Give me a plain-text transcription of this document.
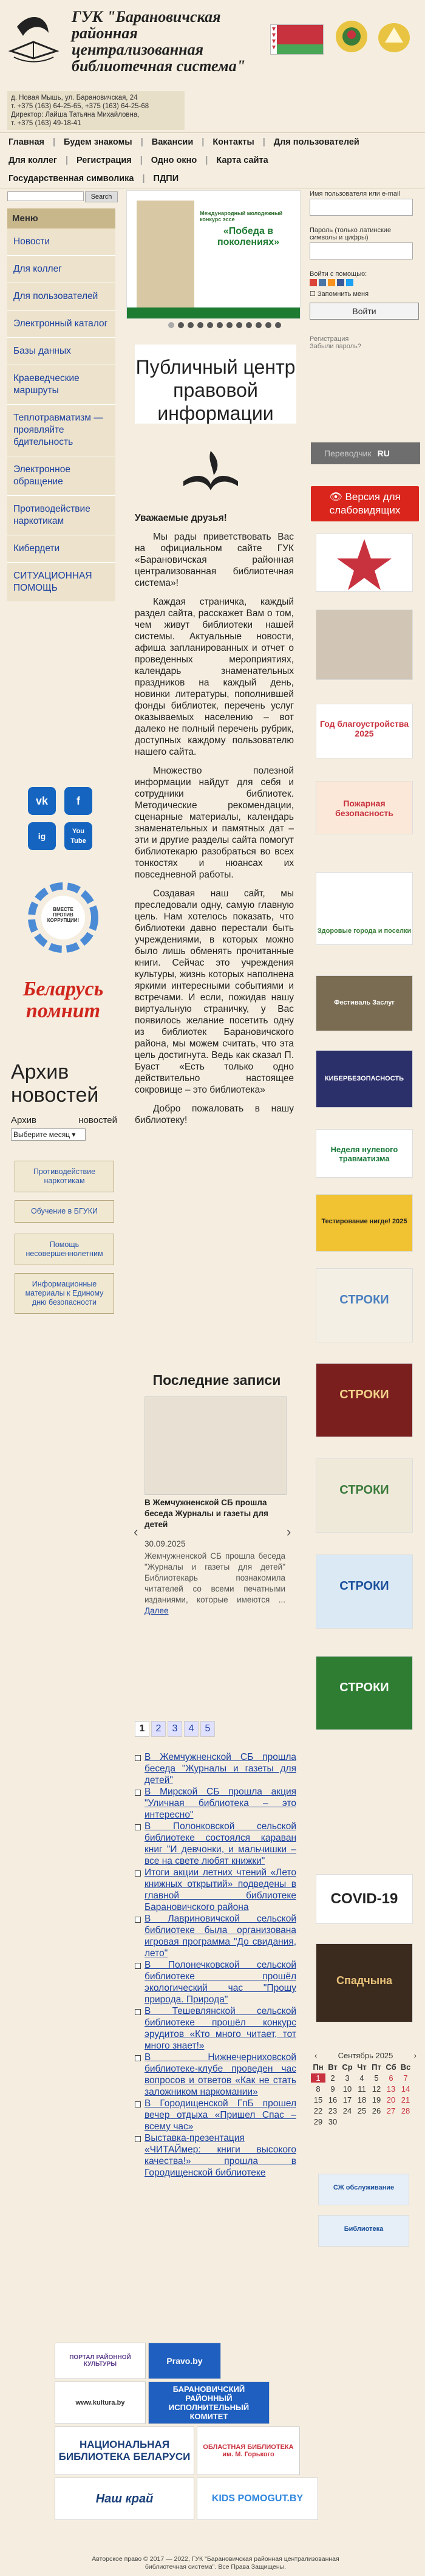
ГУК "Барановичская районная централизованная библиотечная система"
д. Новая Мышь, ул. Барановичская, 24
т. +375 (163) 64-25-65, +375 (163) 64-25-68
Директор: Лайша Татьяна Михайловна,
т. +375 (163) 49-18-41
Главная | Будем знакомы | Вакансии | Контакты | Для пользователей
Для коллег | Регистрация | Одно окно | Карта сайта
Государственная символика | ПДПИ
Search
Меню
Новости
Для коллег
Для пользователей
Электронный каталог
Базы данных
Краеведческие маршруты
Теплотравматизм — проявляйте бдительность
Электронное обращение
Противодействие наркотикам
Кибердети
СИТУАЦИОННАЯ ПОМОЩЬ
vk	f
ig	You Tube
ВМЕСТЕ ПРОТИВ КОРРУПЦИИ!
Беларусь помнит
Архив новостей
Архив	новостей
Выберите месяц ▾
Противодействие наркотикам
Обучение в БГУКИ
Помощь несовершеннолетним
Информационные материалы к Единому дню безопасности
Международный молодежный конкурс эссе
«Победа в поколениях»
Публичный центр правовой информации
Уважаемые друзья!

Мы рады приветствовать Вас на официальном сайте ГУК «Барановичская районная централизованная библиотечная система»!

Каждая страничка, каждый раздел сайта, расскажет Вам о том, чем живут библиотеки нашей системы. Актуальные новости, афиша запланированных и отчет о проведенных мероприятиях, календарь знаменательных праздников на каждый день, новинки литературы, пополнившей фонды библиотек, перечень услуг оказываемых населению – вот далеко не полный перечень рубрик, доступных каждому пользователю нашего сайта.

Множество полезной информации найдут для себя и сотрудники библиотек. Методические рекомендации, сценарные материалы, календарь знаменательных и памятных дат – эти и другие разделы сайта помогут библиотекарю разобраться во всех тонкостях и нюансах их повседневной работы.

Создавая наш сайт, мы преследовали одну, самую главную цель. Нам хотелось показать, что библиотеки давно перестали быть учреждениями, в которых можно было лишь обменять прочитанные книги. Сейчас это учреждения культуры, жизнь которых наполнена яркими интересными событиями и встречами. И если, пожидав нашу виртуальную страничку, у Вас появилось желание посетить одну из библиотек Барановичского района, мы можем считать, что эта цель достигнута. Ведь как сказал П. Буаст «Есть только одно действительно настоящее сокровище – это библиотека»

Добро пожаловать в нашу библиотеку!

Последние записи
В Жемчужненской СБ прошла беседа Журналы и газеты для детей
30.09.2025
Жемчужненской СБ прошла беседа "Журналы и газеты для детей" Библиотекарь познакомила читателей со всеми печатными изданиями, которые имеются ... Далее
‹	›
1	2	3	4	5
В Жемчужненской СБ прошла беседа "Журналы и газеты для детей"
В Мирской СБ прошла акция "Уличная библиотека – это интересно"
В Полонковской сельской библиотеке состоялся караван книг "И девчонки, и мальчишки – все на свете любят книжки"
Итоги акции летних чтений «Лето книжных открытий» подведены в главной библиотеке Барановичского района
В Лавриновичской сельской библиотеке была организована игровая программа "До свидания, лето"
В Полонечковской сельской библиотеке прошёл экологический час "Прошу природа. Природа"
В Тешевлянской сельской библиотеке прошёл конкурс эрудитов «Кто много читает, тот много знает!»
В Нижнечерниховской библиотеке-клубе проведен час вопросов и ответов «Как не стать заложником наркомании»
В Городищенской ГпБ прошел вечер отдыха «Пришел Спас – всему час»
Выставка-презентация «ЧИТАЙмер: книги высокого качества!» прошла в Городищенской библиотеке
Имя пользователя или e-mail
Пароль (только латинские символы и цифры)
Войти с помощью:
☐ Запомнить меня
Войти
Регистрация
Забыли пароль?
Переводчик RU
👁 Версия для слабовидящих
Год благоустройства 2025
Пожарная безопасность
Здоровые города и поселки
Фестиваль Заслуг
КИБЕРБЕЗОПАСНОСТЬ
Неделя нулевого травматизма
Тестирование нигде! 2025
СТРОКИ
СТРОКИ
СТРОКИ
СТРОКИ
СТРОКИ
COVID-19
Спадчына
‹	Сентябрь 2025	›
Пн Вт Ср Чт Пт Сб Вс
1	2	3	4	5	6	7
8	9	10 11 12 13 14
15 16 17 18 19 20 21
22 23 24 25 26 27 28
29 30
СЖ обслуживание
Библиотека
ПОРТАЛ РАЙОННОЙ КУЛЬТУРЫ	Pravo.by
www.kultura.by
БАРАНОВИЧСКИЙ РАЙОННЫЙ ИСПОЛНИТЕЛЬНЫЙ КОМИТЕТ
НАЦИОНАЛЬНАЯ БИБЛИОТЕКА БЕЛАРУСИ
ОБЛАСТНАЯ БИБЛИОТЕКА им. М. Горького
Наш край	KIDS POMOGUT.BY
Авторское право © 2017 — 2022, ГУК "Барановичская районная централизованная библиотечная система". Все Права Защищены.
